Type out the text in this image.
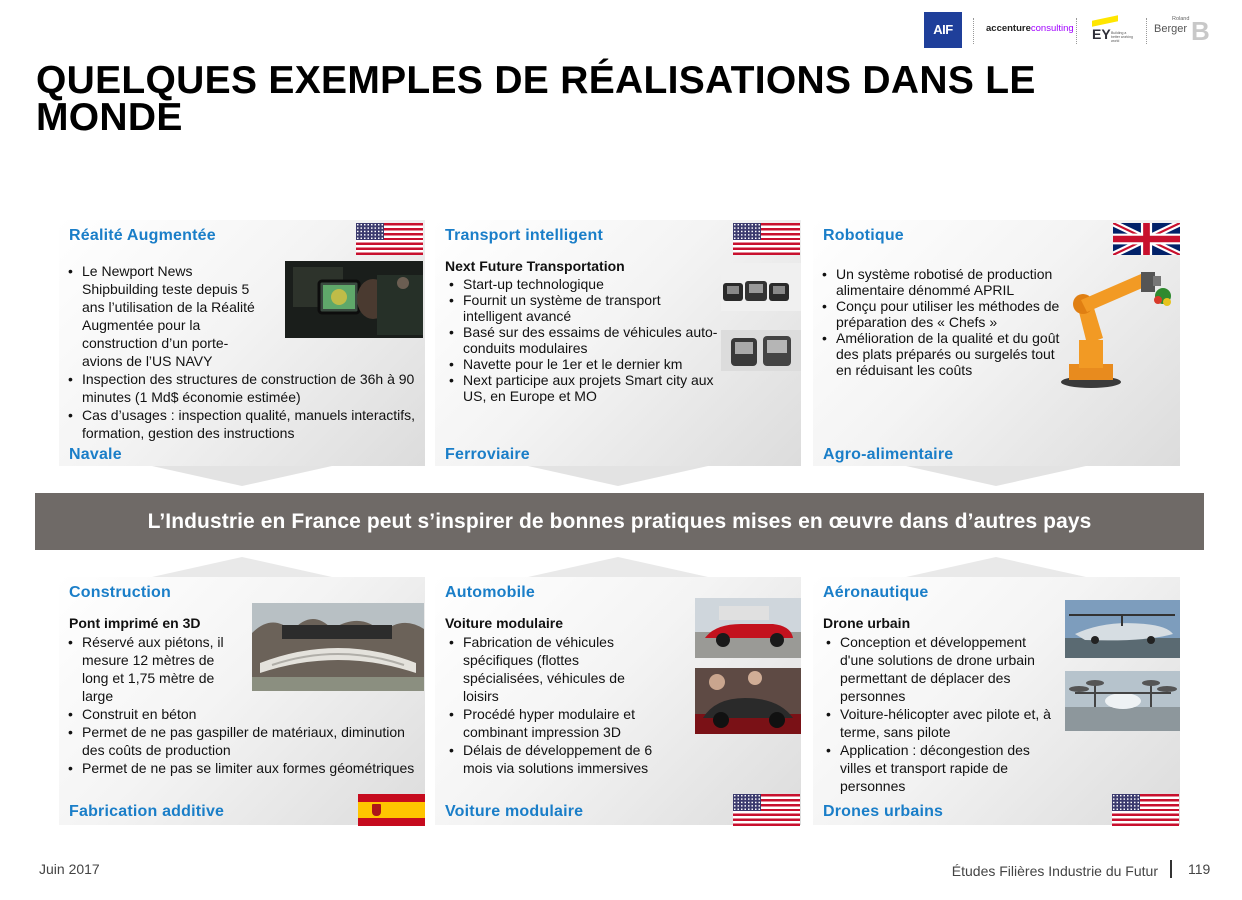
AIF	accentureconsulting EY Building a better working world
Roland
Berger B
QUELQUES EXEMPLES DE RÉALISATIONS DANS LE MONDE
Réalité Augmentée
• Le Newport News Shipbuilding teste depuis 5 ans l’utilisation de la Réalité Augmentée pour la construction d’un porte-avions de l’US NAVY
• Inspection des structures de construction de 36h à 90 minutes (1 Md$ économie estimée)
• Cas d’usages : inspection qualité, manuels interactifs, formation, gestion des instructions
Navale
Transport intelligent
Next Future Transportation
• Start-up technologique
• Fournit un système de transport intelligent avancé
• Basé sur des essaims de véhicules auto-conduits modulaires
• Navette pour le 1er et le dernier km
• Next participe aux projets Smart city aux US, en Europe et MO
Ferroviaire
Robotique
• Un système robotisé de production alimentaire dénommé APRIL
• Conçu pour utiliser les méthodes de préparation des « Chefs »
• Amélioration de la qualité et du goût des plats préparés ou surgelés tout en réduisant les coûts
Agro-alimentaire
L’Industrie en France peut s’inspirer de bonnes pratiques mises en œuvre dans d’autres pays
Construction
Pont imprimé en 3D
• Réservé aux piétons, il mesure 12 mètres de long et 1,75 mètre de large
• Construit en béton
• Permet de ne pas gaspiller de matériaux, diminution des coûts de production
• Permet de ne pas se limiter aux formes géométriques
Fabrication additive
Automobile
Voiture modulaire
• Fabrication de véhicules spécifiques (flottes spécialisées, véhicules de loisirs
• Procédé hyper modulaire et combinant impression 3D
• Délais de développement de 6 mois via solutions immersives
Voiture modulaire
Aéronautique
Drone urbain
• Conception et développement d'une solutions de drone urbain permettant de déplacer des personnes
• Voiture-hélicopter avec pilote et, à terme, sans pilote
• Application : décongestion des villes et transport rapide de personnes
Drones urbains
Juin 2017	Études Filières Industrie du Futur 119
